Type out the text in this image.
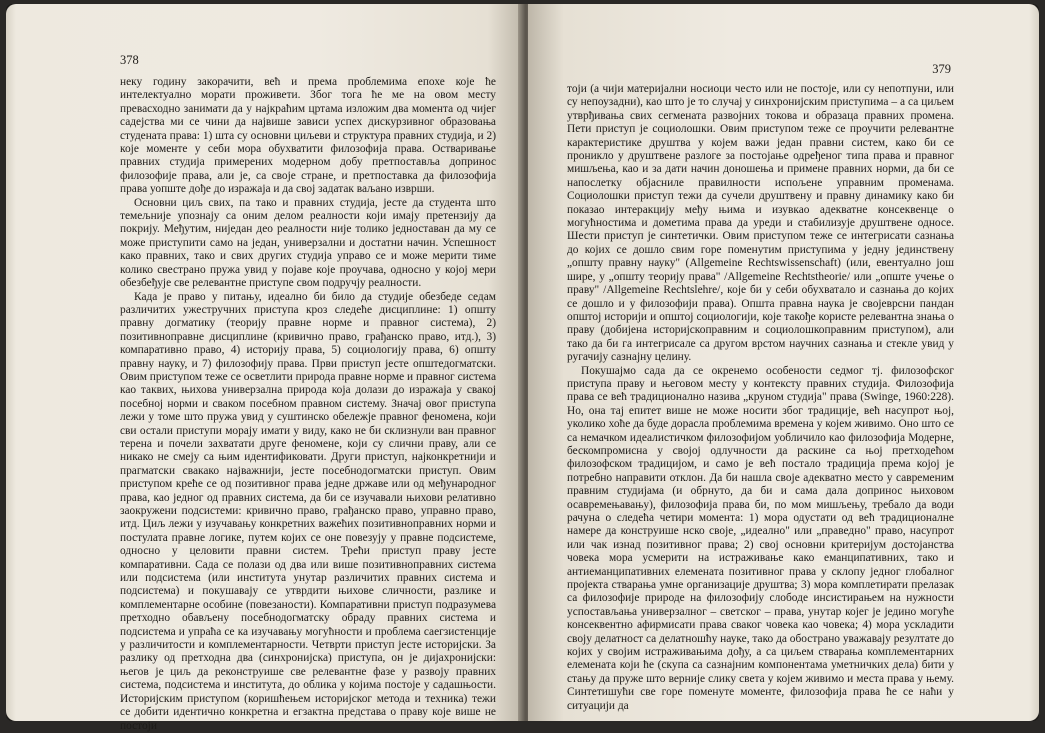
378

неку годину закорачити, већ и према проблемима епохе које ће интелектуално морати проживети. Због тога ће ме на овом месту превасходно занимати да у најкраћим цртама изложим два момента од чијег садејства ми се чини да највише зависи успех дискурзивног образовања студената права: 1) шта су основни циљеви и структура правних студија, и 2) које моменте у себи мора обухватити филозофија права. Остваривање правних студија примерених модерном добу претпоставља допринос филозофије права, али је, са своје стране, и претпоставка да филозофија права уопште дође до изражаја и да свој задатак ваљано изврши.

Основни циљ свих, па тако и правних студија, јесте да студента што темељније упознају са оним делом реалности који имају претензију да покрију. Међутим, ниједан део реалности није толико једноставан да му се може приступити само на један, универзални и достатни начин. Успешност како правних, тако и свих других студија управо се и може мерити тиме колико свестрано пружа увид у појаве које проучава, односно у којој мери обезбеђује све релевантне приступе свом подручју реалности.

Када је право у питању, идеално би било да студије обезбеде седам различитих ужестручних приступа кроз следеће дисциплине: 1) општу правну догматику (теорију правне норме и правног система), 2) позитивноправне дисциплине (кривично право, грађанско право, итд.), 3) компаративно право, 4) историју права, 5) социологију права, 6) општу правну науку, и 7) филозофију права. Први приступ јесте општедогматски. Овим приступом теже се осветлити природа правне норме и правног система као таквих, њихова универзална природа која долази до изражаја у свакој посебној норми и сваком посебном правном систему. Значај овог приступа лежи у томе што пружа увид у суштинско обележје правног феномена, који сви остали приступи морају имати у виду, како не би склизнули ван правног терена и почели захватати друге феномене, који су слични праву, али се никако не смеју са њим идентификовати. Други приступ, најконкретнији и прагматски свакако најважнији, јесте посебнодогматски приступ. Овим приступом креће се од позитивног права једне државе или од међународног права, као једног од правних система, да би се изучавали њихови релативно заокружени подсистеми: кривично право, грађанско право, управно право, итд. Циљ лежи у изучавању конкретних важећих позитивноправних норми и постулата правне логике, путем којих се оне повезују у правне подсистеме, односно у целовити правни систем. Трећи приступ праву јесте компаративни. Сада се полази од два или више позитивноправних система или подсистема (или института унутар различитих правних система и подсистема) и покушавају се утврдити њихове сличности, разлике и комплементарне особине (повезаности). Компаративни приступ подразумева претходно обављену посебнодогматску обраду правних система и подсистема и упраћа се ка изучавању могућности и проблема саегзистенције у различитости и комплементарности. Четврти приступ јесте историјски. За разлику од претходна два (синхронијска) приступа, он је дијахронијски: његов је циљ да реконструише све релевантне фазе у развоју правних система, подсистема и института, до облика у којима постоје у садашњости. Историјским приступом (коришћењем историјског метода и техника) тежи се добити идентично конкретна и егзактна представа о праву које више не постоји

379

тоји (а чији материјални носиоци често или не постоје, или су непотпуни, или су непоузадни), као што је то случај у синхронијским приступима – а са циљем утврђивања свих сегмената развојних токова и образаца правних промена. Пети приступ је социолошки. Овим приступом теже се проучити релевантне карактеристике друштва у којем важи један правни систем, како би се проникло у друштвене разлоге за постојање одређеног типа права и правног мишљења, као и за дати начин доношења и примене правних норми, да би се напослетку објасниле правилности испољене управним променама. Социолошки приступ тежи да сучели друштвену и правну динамику како би показао интеракцију међу њима и изувкао адекватне консеквенце о могућностима и дометима права да уреди и стабилизује друштвене односе. Шести приступ је синтетички. Овим приступом теже се интегрисати сазнања до којих се дошло свим горе поменутим приступима у једну јединствену „општу правну науку" (Allgemeine Rechtswissenschaft) (или, евентуално још шире, у „општу теорију права" /Allgemeine Rechtstheorie/ или „опште учење о праву" /Allgemeine Rechtslehre/, које би у себи обухватало и сазнања до којих се дошло и у филозофији права). Општа правна наука је својеврсни пандан општој историји и општој социологији, које такође користе релевантна знања о праву (добијена историјскоправним и социолошкоправним приступом), али тако да би га интегрисале са другом врстом научних сазнања и стекле увид у ругачију сазнајну целину.

Покушајмо сада да се окренемо особености седмог тј. филозофског приступа праву и његовом месту у контексту правних студија. Филозофија права се већ традиционално назива „круном студија" права (Swinge, 1960:228). Но, она тај епитет више не може носити због традиције, већ насупрот њој, уколико хоће да буде дорасла проблемима времена у којем живимо. Оно што се са немачком идеалистичком филозофијом уобличило као филозофија Модерне, бескомпромисна у својој одлучности да раскине са њој претходећом филозофском традицијом, и само је већ постало традиција према којој је потребно направити отклон. Да би нашла своје адекватно место у савременим правним студијама (и обрнуто, да би и сама дала допринос њиховом осавремењавању), филозофија права би, по мом мишљењу, требало да води рачуна о следећа четири момента: 1) мора одустати од већ традиционалне намере да конструише нско своје, „идеално" или „праведно" право, насупрот или чак изнад позитивног права; 2) свој основни критеријум достојанства човека мора усмерити на истраживање како еманципативних, тако и антиеманципативних елемената позитивног права у склопу једног глобалног пројекта стварања умне организације друштва; 3) мора комплетирати прелазак са филозофије природе на филозофију слободе инсистирањем на нужности успостављања универзалног – светског – права, унутар којег је једино могуће консеквентно афирмисати права сваког човека као човека; 4) мора ускладити своју делатност са делатношћу науке, тако да обострано уважавају резултате до којих у својим истраживањима дођу, а са циљем стварања комплементарних елемената који ће (скупа са сазнајним компонентама уметничких дела) бити у стању да пруже што верније слику света у којем живимо и места права у њему. Синтетишући све горе поменуте моменте, филозофија права ће се наћи у ситуацији да
